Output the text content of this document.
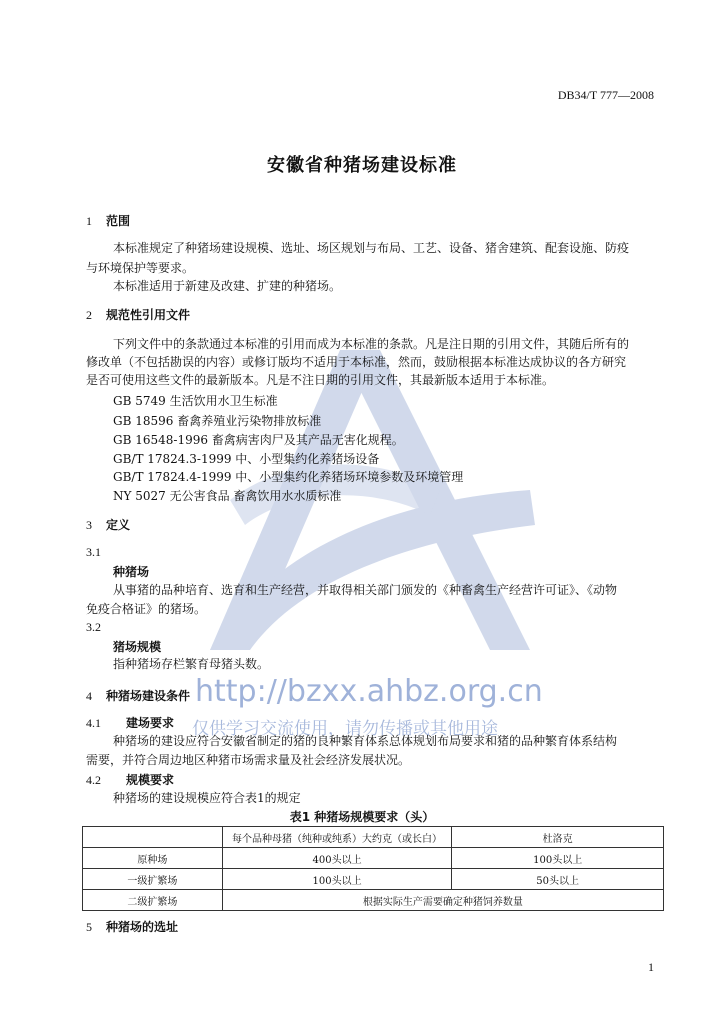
http://bzxx.ahbz.org.cn
仅供学习交流使用，请勿传播或其他用途
DB34/T 777—2008
安徽省种猪场建设标准
1 范围
本标准规定了种猪场建设规模、选址、场区规划与布局、工艺、设备、猪舍建筑、配套设施、防疫
与环境保护等要求。
本标准适用于新建及改建、扩建的种猪场。
2 规范性引用文件
下列文件中的条款通过本标准的引用而成为本标准的条款。凡是注日期的引用文件，其随后所有的
修改单（不包括勘误的内容）或修订版均不适用于本标准，然而，鼓励根据本标准达成协议的各方研究
是否可使用这些文件的最新版本。凡是不注日期的引用文件，其最新版本适用于本标准。
GB 5749 生活饮用水卫生标准
GB 18596 畜禽养殖业污染物排放标准
GB 16548-1996 畜禽病害肉尸及其产品无害化规程。
GB/T 17824.3-1999 中、小型集约化养猪场设备
GB/T 17824.4-1999 中、小型集约化养猪场环境参数及环境管理
NY 5027 无公害食品 畜禽饮用水水质标准
3 定义
3.1
种猪场
从事猪的品种培育、选育和生产经营，并取得相关部门颁发的《种畜禽生产经营许可证》、《动物
免疫合格证》的猪场。
3.2
猪场规模
指种猪场存栏繁育母猪头数。
4 种猪场建设条件
4.1 建场要求
种猪场的建设应符合安徽省制定的猪的良种繁育体系总体规划布局要求和猪的品种繁育体系结构
需要，并符合周边地区种猪市场需求量及社会经济发展状况。
4.2 规模要求
种猪场的建设规模应符合表1的规定
表1 种猪场规模要求（头）
	每个品种母猪（纯种或纯系）大约克（或长白）	杜洛克
原种场	400头以上	100头以上
一级扩繁场	100头以上	50头以上
二级扩繁场	根据实际生产需要确定种猪饲养数量	
5 种猪场的选址
1
